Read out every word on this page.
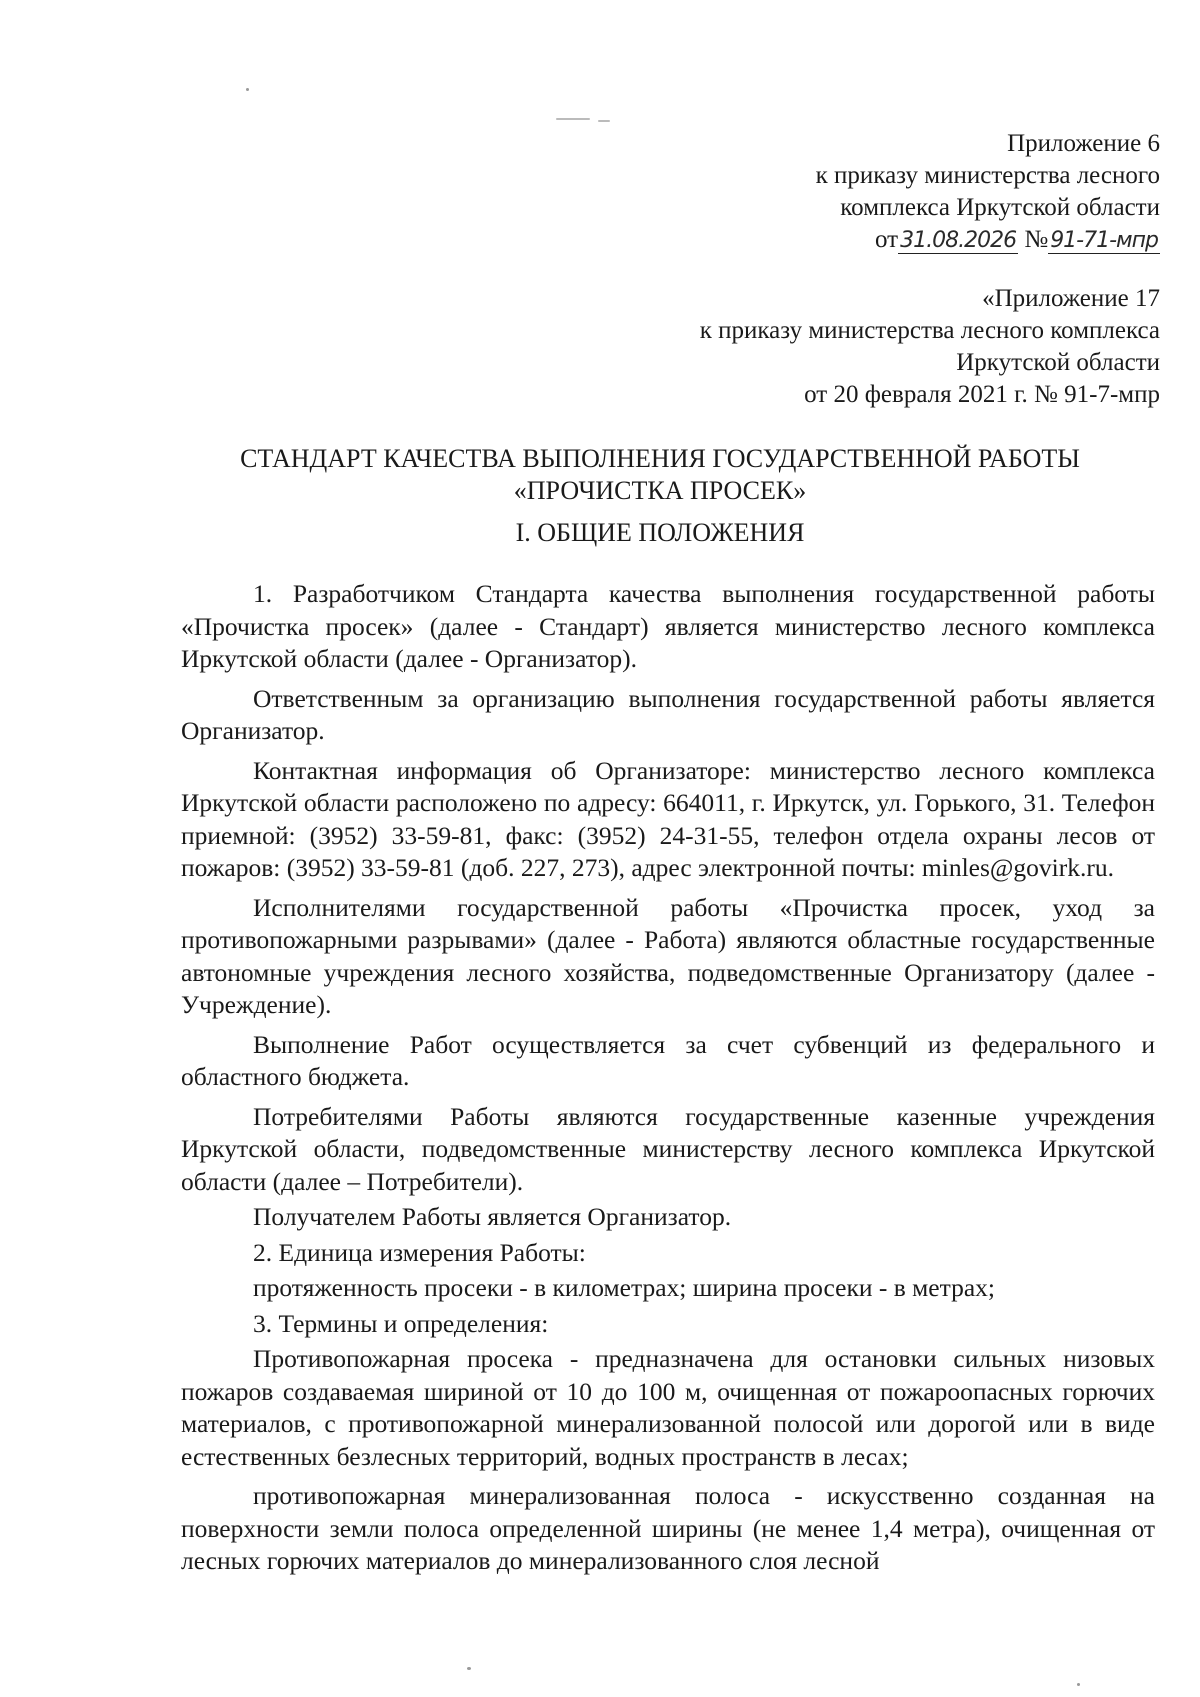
Приложение 6
к приказу министерства лесного
комплекса Иркутской области
от31.08.2026 №91-71-мпр
«Приложение 17
к приказу министерства лесного комплекса
Иркутской области
от 20 февраля 2021 г. № 91-7-мпр
СТАНДАРТ КАЧЕСТВА ВЫПОЛНЕНИЯ ГОСУДАРСТВЕННОЙ РАБОТЫ
«ПРОЧИСТКА ПРОСЕК»
I. ОБЩИЕ ПОЛОЖЕНИЯ

1. Разработчиком Стандарта качества выполнения государственной работы «Прочистка просек» (далее - Стандарт) является министерство лесного комплекса Иркутской области (далее - Организатор).

Ответственным за организацию выполнения государственной работы является Организатор.

Контактная информация об Организаторе: министерство лесного комплекса Иркутской области расположено по адресу: 664011, г. Иркутск, ул. Горького, 31. Телефон приемной: (3952) 33-59-81, факс: (3952) 24-31-55, телефон отдела охраны лесов от пожаров: (3952) 33-59-81 (доб. 227, 273), адрес электронной почты: minles@govirk.ru.

Исполнителями государственной работы «Прочистка просек, уход за противопожарными разрывами» (далее - Работа) являются областные государственные автономные учреждения лесного хозяйства, подведомственные Организатору (далее - Учреждение).

Выполнение Работ осуществляется за счет субвенций из федерального и областного бюджета.

Потребителями Работы являются государственные казенные учреждения Иркутской области, подведомственные министерству лесного комплекса Иркутской области (далее – Потребители).

Получателем Работы является Организатор.

2. Единица измерения Работы:

протяженность просеки - в километрах; ширина просеки - в метрах;

3. Термины и определения:

Противопожарная просека - предназначена для остановки сильных низовых пожаров создаваемая шириной от 10 до 100 м, очищенная от пожароопасных горючих материалов, с противопожарной минерализованной полосой или дорогой или в виде естественных безлесных территорий, водных пространств в лесах;

противопожарная минерализованная полоса - искусственно созданная на поверхности земли полоса определенной ширины (не менее 1,4 метра), очищенная от лесных горючих материалов до минерализованного слоя лесной
